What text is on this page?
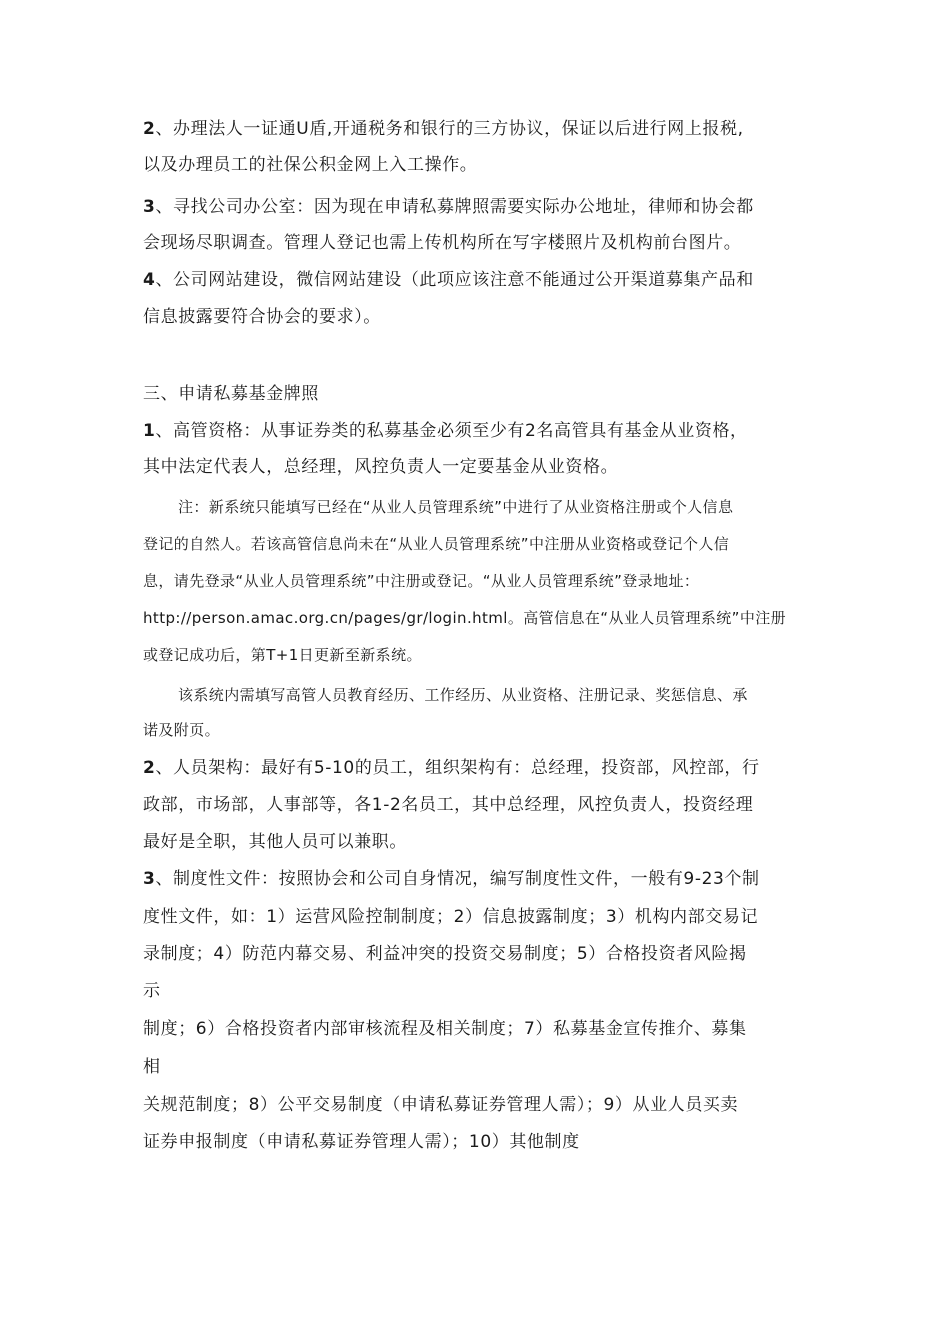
2、办理法人一证通U盾,开通税务和银行的三方协议，保证以后进行网上报税,
以及办理员工的社保公积金网上入工操作。
3、寻找公司办公室：因为现在申请私募牌照需要实际办公地址，律师和协会都
会现场尽职调查。管理人登记也需上传机构所在写字楼照片及机构前台图片。
4、公司网站建设，微信网站建设（此项应该注意不能通过公开渠道募集产品和
信息披露要符合协会的要求）。
三、申请私募基金牌照
1、高管资格：从事证券类的私募基金必须至少有2名高管具有基金从业资格，
其中法定代表人，总经理，风控负责人一定要基金从业资格。
注：新系统只能填写已经在“从业人员管理系统”中进行了从业资格注册或个人信息
登记的自然人。若该高管信息尚未在“从业人员管理系统”中注册从业资格或登记个人信
息，请先登录“从业人员管理系统”中注册或登记。“从业人员管理系统”登录地址：
http://person.amac.org.cn/pages/gr/login.html。高管信息在“从业人员管理系统”中注册
或登记成功后，第T+1日更新至新系统。
该系统内需填写高管人员教育经历、工作经历、从业资格、注册记录、奖惩信息、承
诺及附页。
2、人员架构：最好有5-10的员工，组织架构有：总经理，投资部，风控部，行
政部，市场部，人事部等，各1-2名员工，其中总经理，风控负责人，投资经理
最好是全职，其他人员可以兼职。
3、制度性文件：按照协会和公司自身情况，编写制度性文件，一般有9-23个制
度性文件，如：1）运营风险控制制度；2）信息披露制度；3）机构内部交易记
录制度；4）防范内幕交易、利益冲突的投资交易制度；5）合格投资者风险揭
示
制度；6）合格投资者内部审核流程及相关制度；7）私募基金宣传推介、募集
相
关规范制度；8）公平交易制度（申请私募证券管理人需）；9）从业人员买卖
证券申报制度（申请私募证券管理人需）；10）其他制度
